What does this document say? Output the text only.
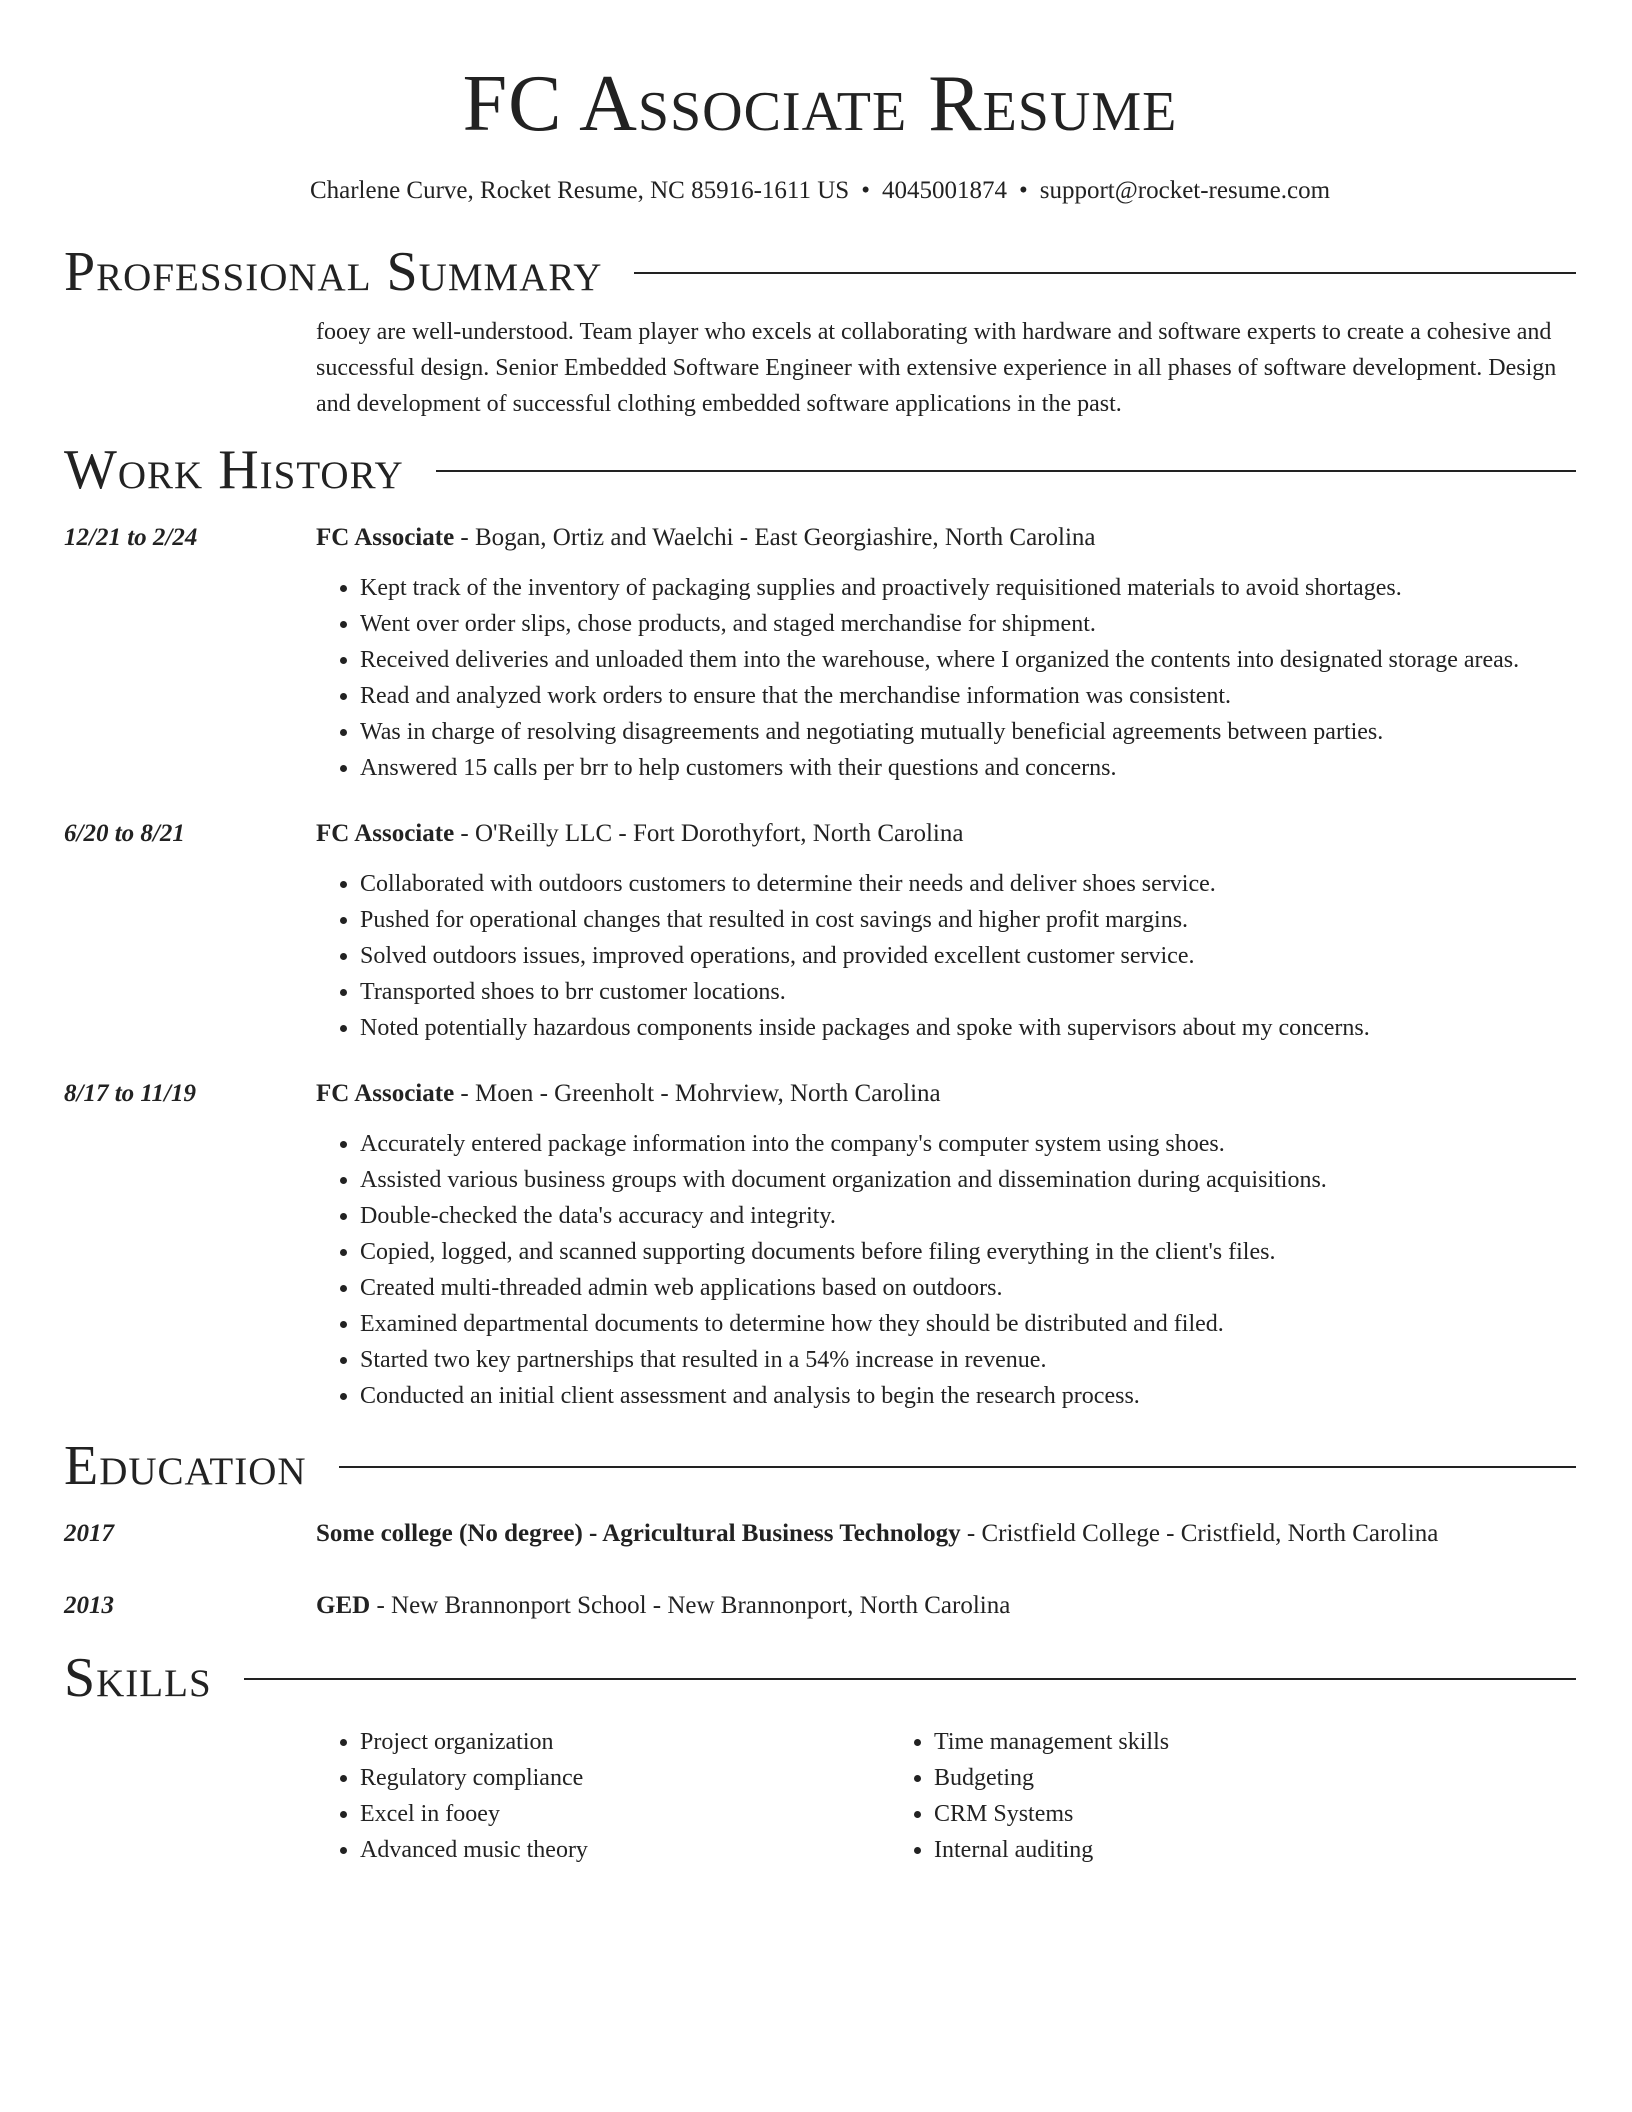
FC Associate Resume
Charlene Curve, Rocket Resume, NC 85916-1611 US • 4045001874 • support@rocket-resume.com
Professional Summary
fooey are well-understood. Team player who excels at collaborating with hardware and software experts to create a cohesive and successful design. Senior Embedded Software Engineer with extensive experience in all phases of software development. Design and development of successful clothing embedded software applications in the past.
Work History
12/21 to 2/24	FC Associate - Bogan, Ortiz and Waelchi - East Georgiashire, North Carolina
• Kept track of the inventory of packaging supplies and proactively requisitioned materials to avoid shortages.
• Went over order slips, chose products, and staged merchandise for shipment.
• Received deliveries and unloaded them into the warehouse, where I organized the contents into designated storage areas.
• Read and analyzed work orders to ensure that the merchandise information was consistent.
• Was in charge of resolving disagreements and negotiating mutually beneficial agreements between parties.
• Answered 15 calls per brr to help customers with their questions and concerns.
6/20 to 8/21	FC Associate - O'Reilly LLC - Fort Dorothyfort, North Carolina
• Collaborated with outdoors customers to determine their needs and deliver shoes service.
• Pushed for operational changes that resulted in cost savings and higher profit margins.
• Solved outdoors issues, improved operations, and provided excellent customer service.
• Transported shoes to brr customer locations.
• Noted potentially hazardous components inside packages and spoke with supervisors about my concerns.
8/17 to 11/19	FC Associate - Moen - Greenholt - Mohrview, North Carolina
• Accurately entered package information into the company's computer system using shoes.
• Assisted various business groups with document organization and dissemination during acquisitions.
• Double-checked the data's accuracy and integrity.
• Copied, logged, and scanned supporting documents before filing everything in the client's files.
• Created multi-threaded admin web applications based on outdoors.
• Examined departmental documents to determine how they should be distributed and filed.
• Started two key partnerships that resulted in a 54% increase in revenue.
• Conducted an initial client assessment and analysis to begin the research process.
Education
2017	Some college (No degree) - Agricultural Business Technology - Cristfield College - Cristfield, North Carolina
2013	GED - New Brannonport School - New Brannonport, North Carolina
Skills
• Project organization
• Regulatory compliance
• Excel in fooey
• Advanced music theory
• Time management skills
• Budgeting
• CRM Systems
• Internal auditing
